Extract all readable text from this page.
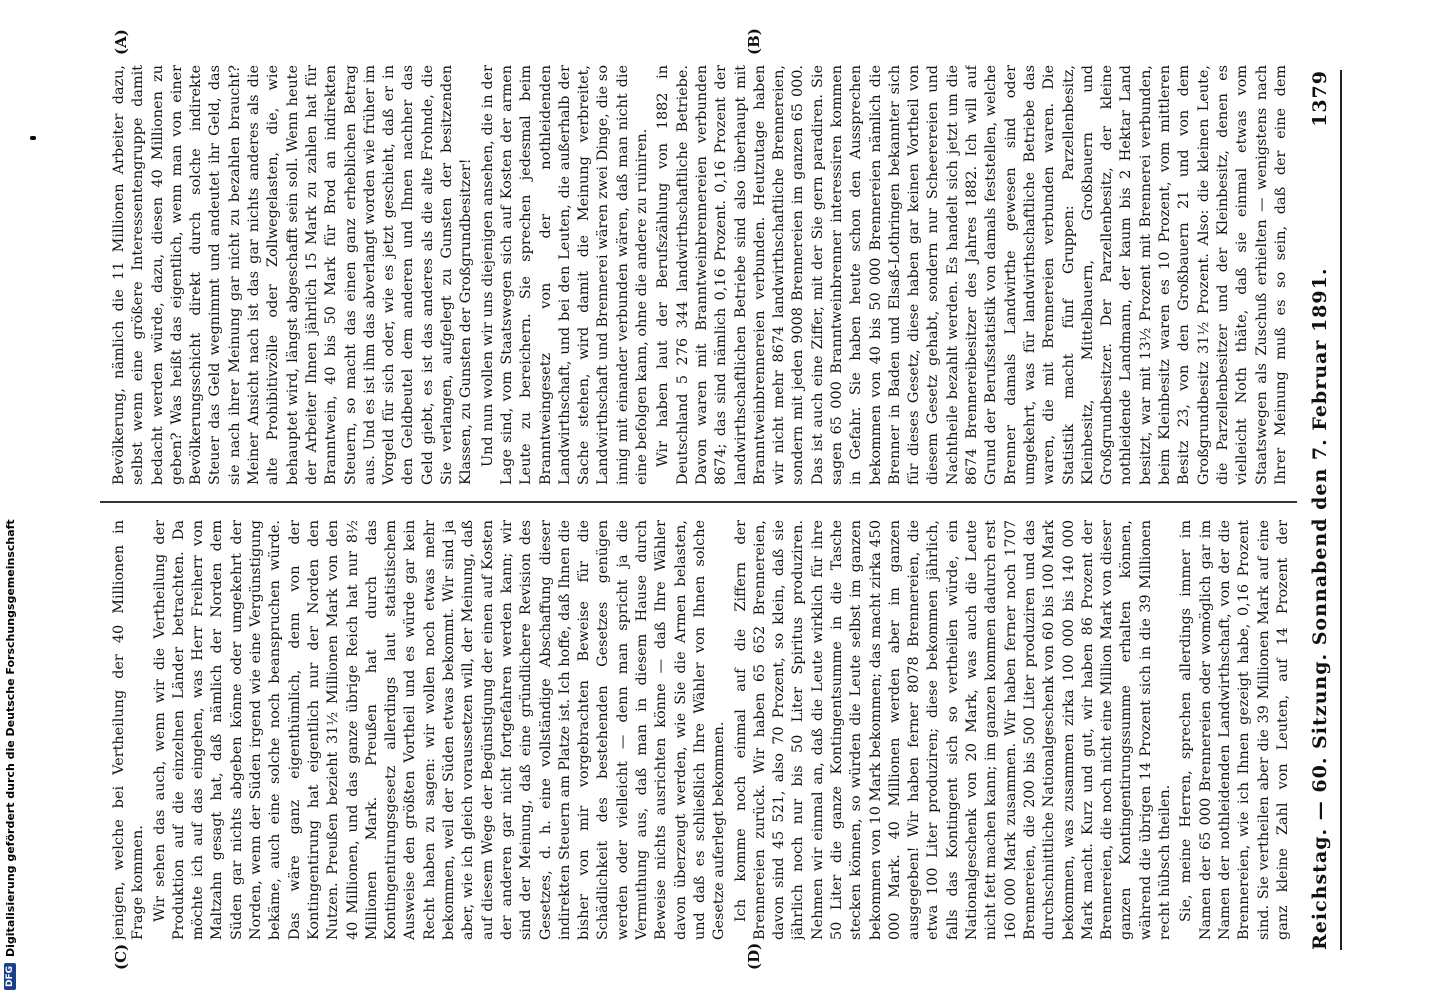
Reichstag. — 60. Sitzung. Sonnabend den 7. Februar 1891.
1379
(A)	(B)
(C)	(D)

Bevölkerung, nämlich die 11 Millionen Arbeiter dazu, selbst wenn eine größere Interessentengruppe damit bedacht werden würde, dazu, diesen 40 Millionen zu geben? Was heißt das eigentlich, wenn man von einer Bevölkerungsschicht direkt durch solche indirekte Steuer das Geld wegnimmt und andeutet ihr Geld, das sie nach ihrer Meinung gar nicht zu bezahlen braucht? Meiner Ansicht nach ist das gar nichts anderes als die alte Prohibitivzölle oder Zollwegelasten, die, wie behauptet wird, längst abgeschafft sein soll. Wenn heute der Arbeiter Ihnen jährlich 15 Mark zu zahlen hat für Branntwein, 40 bis 50 Mark für Brod an indirekten Steuern, so macht das einen ganz erheblichen Betrag aus. Und es ist ihm das abverlangt worden wie früher im Vorgeld für sich oder, wie es jetzt geschieht, daß er in den Geldbeutel dem anderen und Ihnen nachher das Geld giebt, es ist das anderes als die alte Frohnde, die Sie verlangen, aufgelegt zu Gunsten der besitzenden Klassen, zu Gunsten der Großgrundbesitzer! Und nun wollen wir uns diejenigen ansehen, die in der Lage sind, vom Staatswegen sich auf Kosten der armen Leute zu bereichern. Sie sprechen jedesmal beim Branntweingesetz von der nothleidenden Landwirthschaft, und bei den Leuten, die außerhalb der Sache stehen, wird damit die Meinung verbreitet, Landwirthschaft und Brennerei wären zwei Dinge, die so innig mit einander verbunden wären, daß man nicht die eine befolgen kann, ohne die andere zu ruiniren. Wir haben laut der Berufszählung von 1882 in Deutschland 5 276 344 landwirthschaftliche Betriebe. Davon waren mit Branntweinbrennereien verbunden 8674; das sind nämlich 0,16 Prozent. 0,16 Prozent der landwirthschaftlichen Betriebe sind also überhaupt mit Branntweinbrennereien verbunden. Heutzutage haben wir nicht mehr 8674 landwirthschaftliche Brennereien, sondern mit jeden 9008 Brennereien im ganzen 65 000. Das ist auch eine Ziffer, mit der Sie gern paradiren. Sie sagen 65 000 Branntweinbrenner interessiren kommen in Gefahr. Sie haben heute schon den Aussprechen bekommen von 40 bis 50 000 Brennereien nämlich die Brenner in Baden und Elsaß-Lothringen bekannter sich für dieses Gesetz, diese haben gar keinen Vortheil von diesem Gesetz gehabt, sondern nur Scheerereien und Nachtheile bezahlt werden. Es handelt sich jetzt um die 8674 Brennereibesitzer des Jahres 1882. Ich will auf Grund der Berufsstatistik von damals feststellen, welche Brenner damals Landwirthe gewesen sind oder umgekehrt, was für landwirthschaftliche Betriebe das waren, die mit Brennereien verbunden waren. Die Statistik macht fünf Gruppen: Parzellenbesitz, Kleinbesitz, Mittelbauern, Großbauern und Großgrundbesitzer. Der Parzellenbesitz, der kleine nothleidende Landmann, der kaum bis 2 Hektar Land besitzt, war mit 13½ Prozent mit Brennerei verbunden, beim Kleinbesitz waren es 10 Prozent, vom mittleren Besitz 23, von den Großbauern 21 und von dem Großgrundbesitz 31½ Prozent. Also: die kleinen Leute, die Parzellenbesitzer und der Kleinbesitz, denen es vielleicht Noth thäte, daß sie einmal etwas vom Staatswegen als Zuschuß erhielten — wenigstens nach Ihrer Meinung muß es so sein, daß der eine dem

jenigen, welche bei Vertheilung der 40 Millionen in Frage kommen. Wir sehen das auch, wenn wir die Vertheilung der Produktion auf die einzelnen Länder betrachten. Da möchte ich auf das eingehen, was Herr Freiherr von Maltzahn gesagt hat, daß nämlich der Norden dem Süden gar nichts abgeben könne oder umgekehrt der Norden, wenn der Süden irgend wie eine Vergünstigung bekäme, auch eine solche noch beanspruchen würde. Das wäre ganz eigenthümlich, denn von der Kontingentirung hat eigentlich nur der Norden den Nutzen. Preußen bezieht 31½ Millionen Mark von den 40 Millionen, und das ganze übrige Reich hat nur 8½ Millionen Mark. Preußen hat durch das Kontingentirungsgesetz allerdings laut statistischem Ausweise den größten Vortheil und es würde gar kein Recht haben zu sagen: wir wollen noch etwas mehr bekommen, weil der Süden etwas bekommt. Wir sind ja aber, wie ich gleich voraussetzen will, der Meinung, daß auf diesem Wege der Begünstigung der einen auf Kosten der anderen gar nicht fortgefahren werden kann; wir sind der Meinung, daß eine gründlichere Revision des Gesetzes, d. h. eine vollständige Abschaffung dieser indirekten Steuern am Platze ist. Ich hoffe, daß Ihnen die bisher von mir vorgebrachten Beweise für die Schädlichkeit des bestehenden Gesetzes genügen werden oder vielleicht — denn man spricht ja die Vermuthung aus, daß man in diesem Hause durch Beweise nichts ausrichten könne — daß Ihre Wähler davon überzeugt werden, wie Sie die Armen belasten, und daß es schließlich Ihre Wähler von Ihnen solche Gesetze auferlegt bekommen. Ich komme noch einmal auf die Ziffern der Brennereien zurück. Wir haben 65 652 Brennereien, davon sind 45 521, also 70 Prozent, so klein, daß sie jährlich noch nur bis 50 Liter Spiritus produziren. Nehmen wir einmal an, daß die Leute wirklich für ihre 50 Liter die ganze Kontingentsumme in die Tasche stecken können, so würden die Leute selbst im ganzen bekommen von 10 Mark bekommen; das macht zirka 450 000 Mark. 40 Millionen werden aber im ganzen ausgegeben! Wir haben ferner 8078 Brennereien, die etwa 100 Liter produziren; diese bekommen jährlich, falls das Kontingent sich so vertheilen würde, ein Nationalgeschenk von 20 Mark, was auch die Leute nicht fett machen kann; im ganzen kommen dadurch erst 160 000 Mark zusammen. Wir haben ferner noch 1707 Brennereien, die 200 bis 500 Liter produziren und das durchschnittliche Nationalgeschenk von 60 bis 100 Mark bekommen, was zusammen zirka 100 000 bis 140 000 Mark macht. Kurz und gut, wir haben 86 Prozent der Brennereien, die noch nicht eine Million Mark von dieser ganzen Kontingentirungssumme erhalten können, während die übrigen 14 Prozent sich in die 39 Millionen recht hübsch theilen. Sie, meine Herren, sprechen allerdings immer im Namen der 65 000 Brennereien oder womöglich gar im Namen der nothleidenden Landwirthschaft, von der die Brennereien, wie ich Ihnen gezeigt habe, 0,16 Prozent sind. Sie vertheilen aber die 39 Millionen Mark auf eine ganz kleine Zahl von Leuten, auf 14 Prozent der

DFG
Digitalisierung gefördert durch die Deutsche Forschungsgemeinschaft
